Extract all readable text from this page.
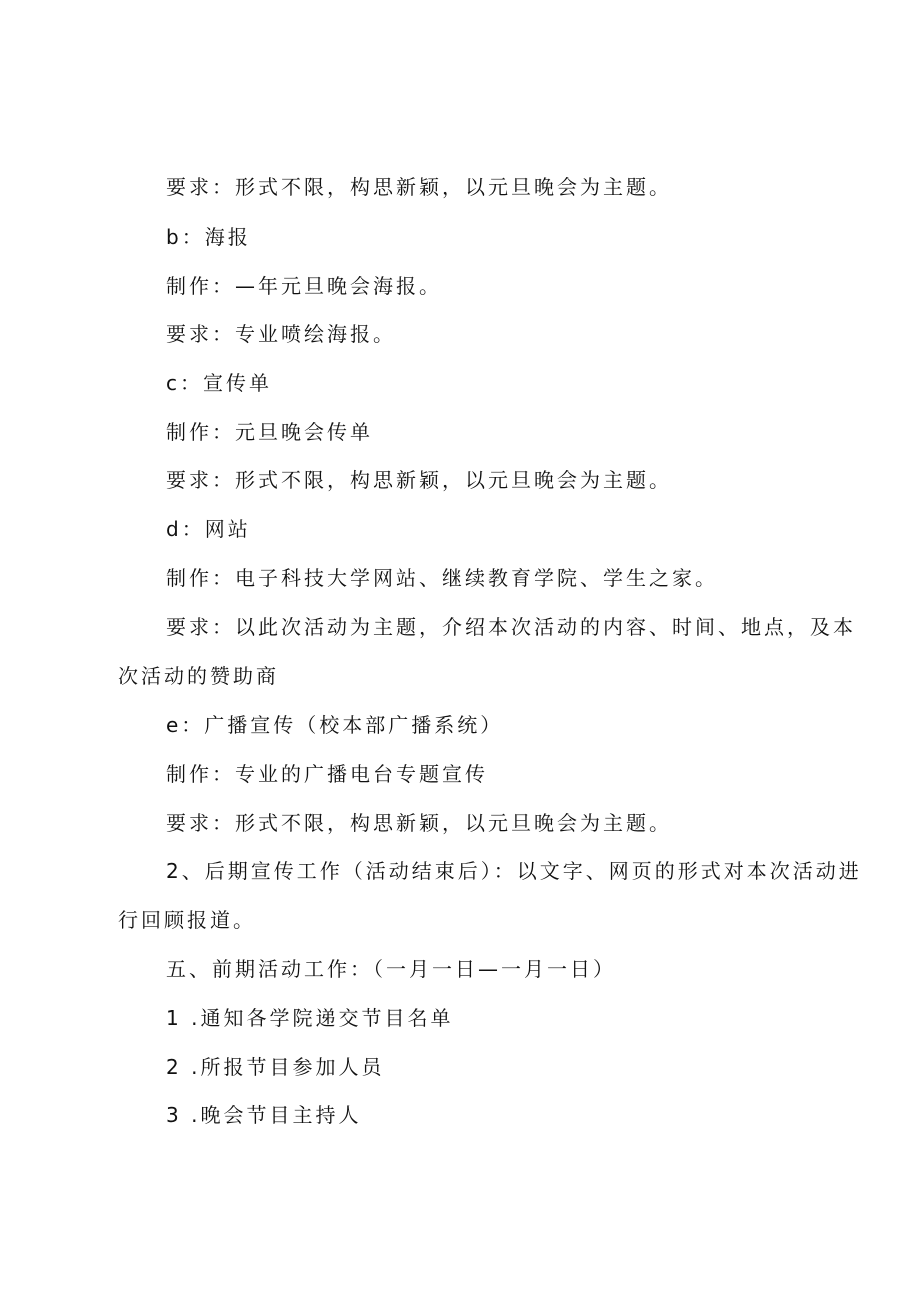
要求：形式不限，构思新颖，以元旦晚会为主题。
b：海报
制作：—年元旦晚会海报。
要求：专业喷绘海报。
c：宣传单
制作：元旦晚会传单
要求：形式不限，构思新颖，以元旦晚会为主题。
d：网站
制作：电子科技大学网站、继续教育学院、学生之家。
要求：以此次活动为主题，介绍本次活动的内容、时间、地点，及本
次活动的赞助商
e：广播宣传（校本部广播系统）
制作：专业的广播电台专题宣传
要求：形式不限，构思新颖，以元旦晚会为主题。
2、后期宣传工作（活动结束后）：以文字、网页的形式对本次活动进
行回顾报道。
五、前期活动工作：（一月一日—一月一日）
1 .通知各学院递交节目名单
2 .所报节目参加人员
3 .晚会节目主持人
